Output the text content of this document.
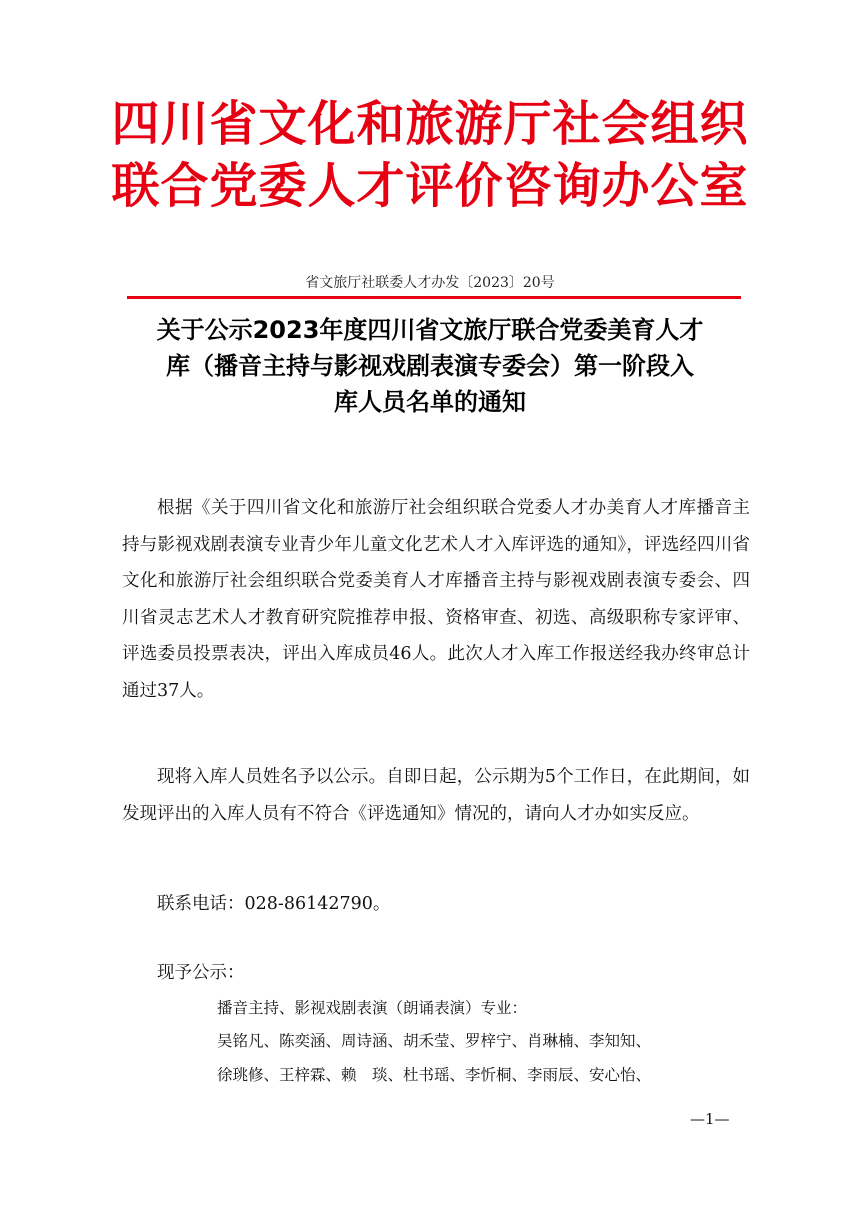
四川省文化和旅游厅社会组织
联合党委人才评价咨询办公室
省文旅厅社联委人才办发〔2023〕20号
关于公示2023年度四川省文旅厅联合党委美育人才
库（播音主持与影视戏剧表演专委会）第一阶段入
库人员名单的通知

根据《关于四川省文化和旅游厅社会组织联合党委人才办美育人才库播音主持与影视戏剧表演专业青少年儿童文化艺术人才入库评选的通知》，评选经四川省文化和旅游厅社会组织联合党委美育人才库播音主持与影视戏剧表演专委会、四川省灵志艺术人才教育研究院推荐申报、资格审查、初选、高级职称专家评审、评选委员投票表决，评出入库成员46人。此次人才入库工作报送经我办终审总计通过37人。

现将入库人员姓名予以公示。自即日起，公示期为5个工作日，在此期间，如发现评出的入库人员有不符合《评选通知》情况的，请向人才办如实反应。

联系电话：028-86142790。

现予公示：

播音主持、影视戏剧表演（朗诵表演）专业：
吴铭凡、陈奕涵、周诗涵、胡禾莹、罗梓宁、肖琳楠、李知知、
徐珧修、王梓霖、赖　琰、杜书瑶、李忻桐、李雨辰、安心怡、
—1—
